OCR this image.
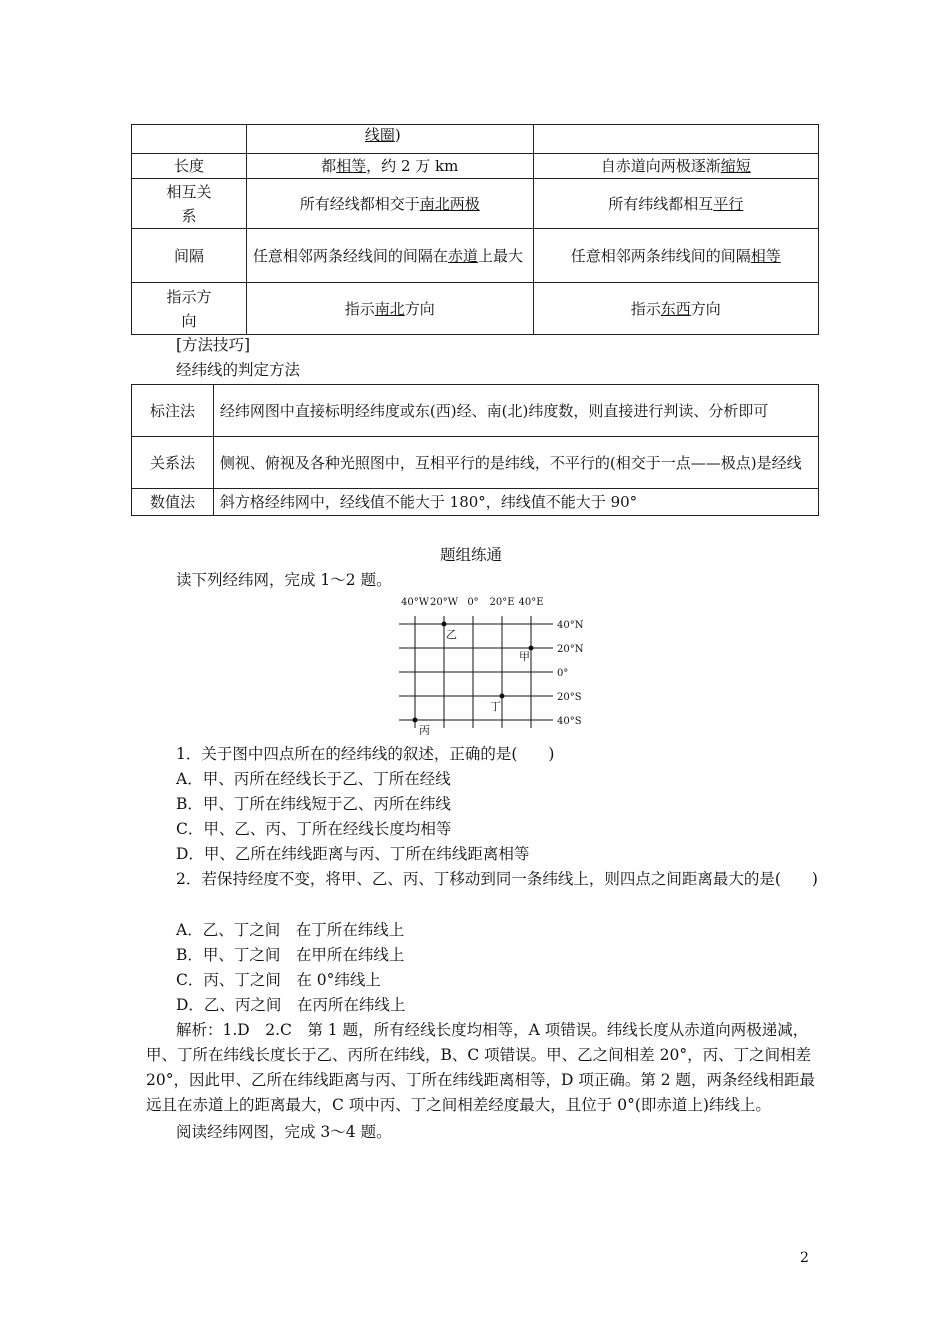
	线圈)	
长度	都相等，约 2 万 km	自赤道向两极逐渐缩短
相互关系	所有经线都相交于南北两极	所有纬线都相互平行
间隔	任意相邻两条经线间的间隔在赤道上最大	任意相邻两条纬线间的间隔相等
指示方向	指示南北方向	指示东西方向
[方法技巧]
经纬线的判定方法
标注法	经纬网图中直接标明经纬度或东(西)经、南(北)纬度数，则直接进行判读、分析即可
关系法	侧视、俯视及各种光照图中，互相平行的是纬线，不平行的(相交于一点——极点)是经线
数值法	斜方格经纬网中，经线值不能大于 180°，纬线值不能大于 90°
题组练通
读下列经纬网，完成 1～2 题。
40°W 20°W 0° 20°E 40°E
40°N
20°N
0°
20°S
40°S
乙
甲
丁
丙
1．关于图中四点所在的经纬线的叙述，正确的是(　　)
A．甲、丙所在经线长于乙、丁所在经线
B．甲、丁所在纬线短于乙、丙所在纬线
C．甲、乙、丙、丁所在经线长度均相等
D．甲、乙所在纬线距离与丙、丁所在纬线距离相等
2．若保持经度不变，将甲、乙、丙、丁移动到同一条纬线上，则四点之间距离最大的是(　　)
A．乙、丁之间　在丁所在纬线上
B．甲、丁之间　在甲所在纬线上
C．丙、丁之间　在 0°纬线上
D．乙、丙之间　在丙所在纬线上
解析：1.D　2.C　第 1 题，所有经线长度均相等，A 项错误。纬线长度从赤道向两极递减，甲、丁所在纬线长度长于乙、丙所在纬线，B、C 项错误。甲、乙之间相差 20°，丙、丁之间相差 20°，因此甲、乙所在纬线距离与丙、丁所在纬线距离相等，D 项正确。第 2 题，两条经线相距最远且在赤道上的距离最大，C 项中丙、丁之间相差经度最大，且位于 0°(即赤道上)纬线上。
阅读经纬网图，完成 3～4 题。
2
